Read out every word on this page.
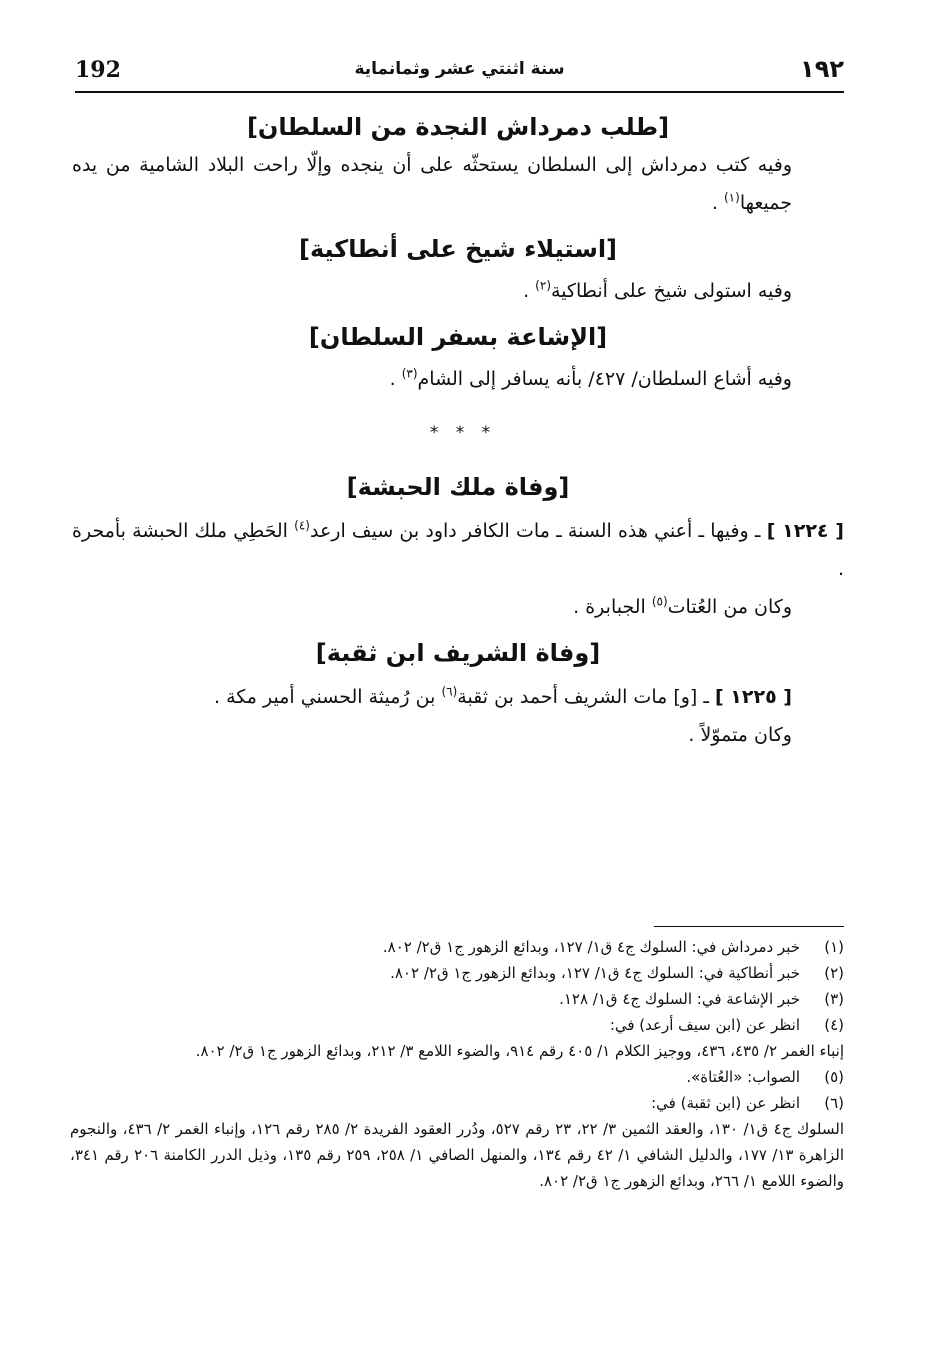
192	سنة اثنتي عشر وثمانماية	١٩٢

[طلب دمرداش النجدة من السلطان]

وفيه كتب دمرداش إلى السلطان يستحثّه على أن ينجده وإلّا راحت البلاد الشامية من يده جميعها$^{(١)}$ .

[استيلاء شيخ على أنطاكية]

وفيه استولى شيخ على أنطاكية$^{(٢)}$ .

[الإشاعة بسفر السلطان]

وفيه أشاع السلطان/ ٤٢٧/ بأنه يسافر إلى الشام$^{(٣)}$ .

* * *

[وفاة ملك الحبشة]

[ ١٢٢٤ ] ـ وفيها ـ أعني هذه السنة ـ مات الكافر داود بن سيف ارعد$^{(٤)}$ الحَطِي ملك الحبشة بأمحرة .

وكان من العُتات$^{(٥)}$ الجبابرة .

[وفاة الشريف ابن ثقبة]

[ ١٢٢٥ ] ـ [و] مات الشريف أحمد بن ثقبة$^{(٦)}$ بن رُميثة الحسني أمير مكة .

وكان متموّلاً .

(١)
خبر دمرداش في: السلوك ج٤ ق١/ ١٢٧، وبدائع الزهور ج١ ق٢/ ٨٠٢.
(٢)
خبر أنطاكية في: السلوك ج٤ ق١/ ١٢٧، وبدائع الزهور ج١ ق٢/ ٨٠٢.
(٣)
خبر الإشاعة في: السلوك ج٤ ق١/ ١٢٨.
(٤)
انظر عن (ابن سيف أرعد) في:

إنباء الغمر ٢/ ٤٣٥، ٤٣٦، ووجيز الكلام ١/ ٤٠٥ رقم ٩١٤، والضوء اللامع ٣/ ٢١٢، وبدائع الزهور ج١ ق٢/ ٨٠٢.

(٥)
الصواب: «العُتاة».
(٦)
انظر عن (ابن ثقبة) في:

السلوك ج٤ ق١/ ١٣٠، والعقد الثمين ٣/ ٢٢، ٢٣ رقم ٥٢٧، ودُرر العقود الفريدة ٢/ ٢٨٥ رقم ١٢٦، وإنباء الغمر ٢/ ٤٣٦، والنجوم الزاهرة ١٣/ ١٧٧، والدليل الشافي ١/ ٤٢ رقم ١٣٤، والمنهل الصافي ١/ ٢٥٨، ٢٥٩ رقم ١٣٥، وذيل الدرر الكامنة ٢٠٦ رقم ٣٤١، والضوء اللامع ١/ ٢٦٦، وبدائع الزهور ج١ ق٢/ ٨٠٢.
